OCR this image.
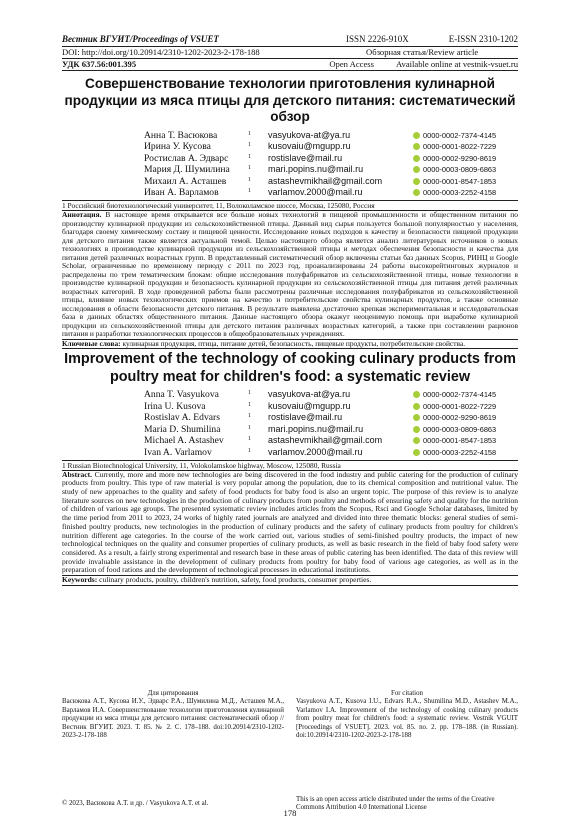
Вестник ВГУИТ/Proceedings of VSUET	ISSN 2226-910X	E-ISSN 2310-1202
DOI: http://doi.org/10.20914/2310-1202-2023-2-178-188	Обзорная статья/Review article
УДК 637.56:001.395	Open Access	Available online at vestnik-vsuet.ru
Совершенствование технологии приготовления кулинарной продукции из мяса птицы для детского питания: систематический обзор
Анна Т. Васюкова	1	vasyukova-at@ya.ru	0000-0002-7374-4145
Ирина У. Кусова	1	kusovaiu@mgupp.ru	0000-0001-8022-7229
Ростислав А. Эдварс	1	rostislave@mail.ru	0000-0002-9290-8619
Мария Д. Шумилина	1	mari.popins.nu@mail.ru	0000-0003-0809-6863
Михаил А. Асташев	1	astashevmikhail@gmail.com	0000-0001-8547-1853
Иван А. Варламов	1	varlamov.2000@mail.ru	0000-0003-2252-4158
1 Российский биотехнологический университет, 11, Волоколамское шоссе, Москва, 125080, Россия
Аннотация. В настоящее время открывается все больше новых технологий в пищевой промышленности и общественном питании по производству кулинарной продукции из сельскохозяйственной птицы. Данный вид сырья пользуется большой популярностью у населения, благодаря своему химическому составу и пищевой ценности. Исследование новых подходов к качеству и безопасности пищевой продукции для детского питания также является актуальной темой. Целью настоящего обзора является анализ литературных источников о новых технологиях в производстве кулинарной продукции из сельскохозяйственной птицы и методах обеспечения безопасности и качества для питания детей различных возрастных групп. В представленный систематический обзор включены статьи баз данных Scopus, РИНЦ и Google Scholar, ограниченные по временному периоду с 2011 по 2023 год, проанализированы 24 работы высокорейтинговых журналов и распределены по трем тематическим блокам: общие исследования полуфабрикатов из сельскохозяйственной птицы, новые технологии в производстве кулинарной продукции и безопасность кулинарной продукции из сельскохозяйственной птицы для питания детей различных возрастных категорий. В ходе проведенной работы были рассмотрены различные исследования полуфабрикатов из сельскохозяйственной птицы, влияние новых технологических приемов на качество и потребительские свойства кулинарных продуктов, а также основные исследования в области безопасности детского питания. В результате выявлена достаточно крепкая экспериментальная и исследовательская база в данных областях общественного питания. Данные настоящего обзора окажут неоценимую помощь при выработке кулинарной продукции из сельскохозяйственной птицы для детского питания различных возрастных категорий, а также при составлении рационов питания и разработки технологических процессов в общеобразовательных учреждениях.
Ключевые слова: кулинарная продукция, птица, питание детей, безопасность, пищевые продукты, потребительские свойства.
Improvement of the technology of cooking culinary products from poultry meat for children's food: a systematic review
Anna T. Vasyukova	1	vasyukova-at@ya.ru	0000-0002-7374-4145
Irina U. Kusova	1	kusovaiu@mgupp.ru	0000-0001-8022-7229
Rostislav A. Edvars	1	rostislave@mail.ru	0000-0002-9290-8619
Maria D. Shumilina	1	mari.popins.nu@mail.ru	0000-0003-0809-6863
Michael A. Astashev	1	astashevmikhail@gmail.com	0000-0001-8547-1853
Ivan A. Varlamov	1	varlamov.2000@mail.ru	0000-0003-2252-4158
1 Russian Biotechnological University, 11, Volokolamskoe highway, Moscow, 125080, Russia
Abstract. Currently, more and more new technologies are being discovered in the food industry and public catering for the production of culinary products from poultry. This type of raw material is very popular among the population, due to its chemical composition and nutritional value. The study of new approaches to the quality and safety of food products for baby food is also an urgent topic. The purpose of this review is to analyze literature sources on new technologies in the production of culinary products from poultry and methods of ensuring safety and quality for the nutrition of children of various age groups. The presented systematic review includes articles from the Scopus, Rsci and Google Scholar databases, limited by the time period from 2011 to 2023, 24 works of highly rated journals are analyzed and divided into three thematic blocks: general studies of semi-finished poultry products, new technologies in the production of culinary products and the safety of culinary products from poultry for children's nutrition different age categories. In the course of the work carried out, various studies of semi-finished poultry products, the impact of new technological techniques on the quality and consumer properties of culinary products, as well as basic research in the field of baby food safety were considered. As a result, a fairly strong experimental and research base in these areas of public catering has been identified. The data of this review will provide invaluable assistance in the development of culinary products from poultry for baby food of various age categories, as well as in the preparation of food rations and the development of technological processes in educational institutions.
Keywords: culinary products, poultry, children's nutrition, safety, food products, consumer properties.
Для цитирования
Васюкова А.Т., Кусова И.У., Эдварс Р.А., Шумилина М.Д., Асташев М.А., Варламов И.А. Совершенствование технологии приготовления кулинарной продукции из мяса птицы для детского питания: систематический обзор // Вестник ВГУИТ. 2023. Т. 85. № 2. С. 178–188. doi:10.20914/2310-1202-2023-2-178-188
For citation
Vasyukova A.T., Kusova I.U., Edvars R.A., Shumilina M.D., Astashev M.A., Varlamov I.A. Improvement of the technology of cooking culinary products from poultry meat for children's food: a systematic review. Vestnik VGUIT [Proceedings of VSUET]. 2023. vol. 85. no. 2. pp. 178–188. (in Russian). doi:10.20914/2310-1202-2023-2-178-188
© 2023, Васюкова А.Т. и др. / Vasyukova A.T. et al.
This is an open access article distributed under the terms of the Creative Commons Attribution 4.0 International License
178
